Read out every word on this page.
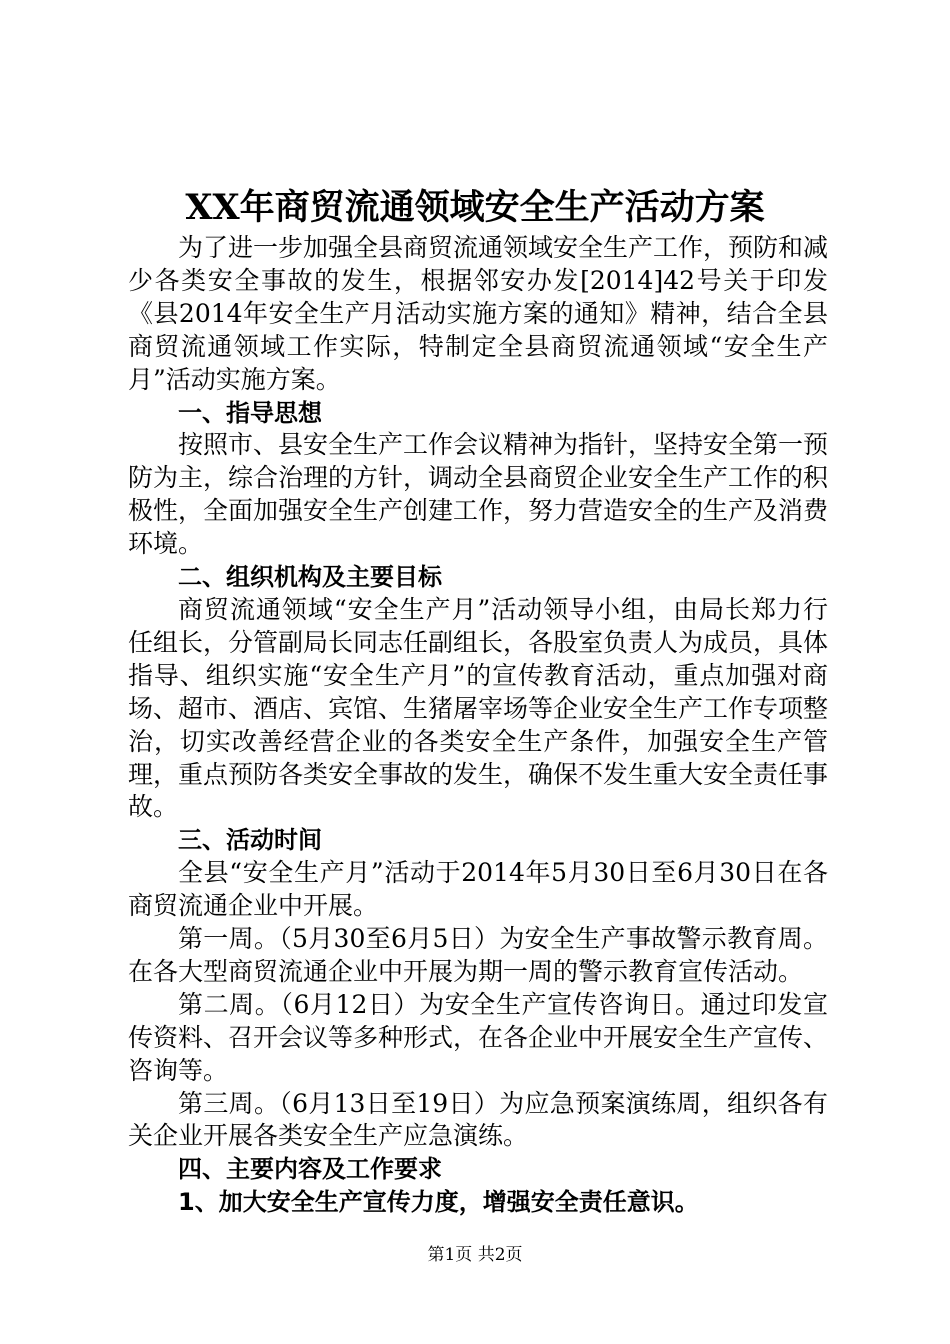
XX年商贸流通领域安全生产活动方案

为了进一步加强全县商贸流通领域安全生产工作，预防和减少各类安全事故的发生，根据邻安办发[2014]42号关于印发《县2014年安全生产月活动实施方案的通知》精神，结合全县商贸流通领域工作实际，特制定全县商贸流通领域“安全生产月”活动实施方案。

一、指导思想

按照市、县安全生产工作会议精神为指针，坚持安全第一预防为主，综合治理的方针，调动全县商贸企业安全生产工作的积极性，全面加强安全生产创建工作，努力营造安全的生产及消费环境。

二、组织机构及主要目标

商贸流通领域“安全生产月”活动领导小组，由局长郑力行任组长，分管副局长同志任副组长，各股室负责人为成员，具体指导、组织实施“安全生产月”的宣传教育活动，重点加强对商场、超市、酒店、宾馆、生猪屠宰场等企业安全生产工作专项整治，切实改善经营企业的各类安全生产条件，加强安全生产管理，重点预防各类安全事故的发生，确保不发生重大安全责任事故。

三、活动时间

全县“安全生产月”活动于2014年5月30日至6月30日在各商贸流通企业中开展。

第一周。（5月30至6月5日）为安全生产事故警示教育周。在各大型商贸流通企业中开展为期一周的警示教育宣传活动。

第二周。（6月12日）为安全生产宣传咨询日。通过印发宣传资料、召开会议等多种形式，在各企业中开展安全生产宣传、咨询等。

第三周。（6月13日至19日）为应急预案演练周，组织各有关企业开展各类安全生产应急演练。

四、主要内容及工作要求

1、加大安全生产宣传力度，增强安全责任意识。

第1页 共2页
